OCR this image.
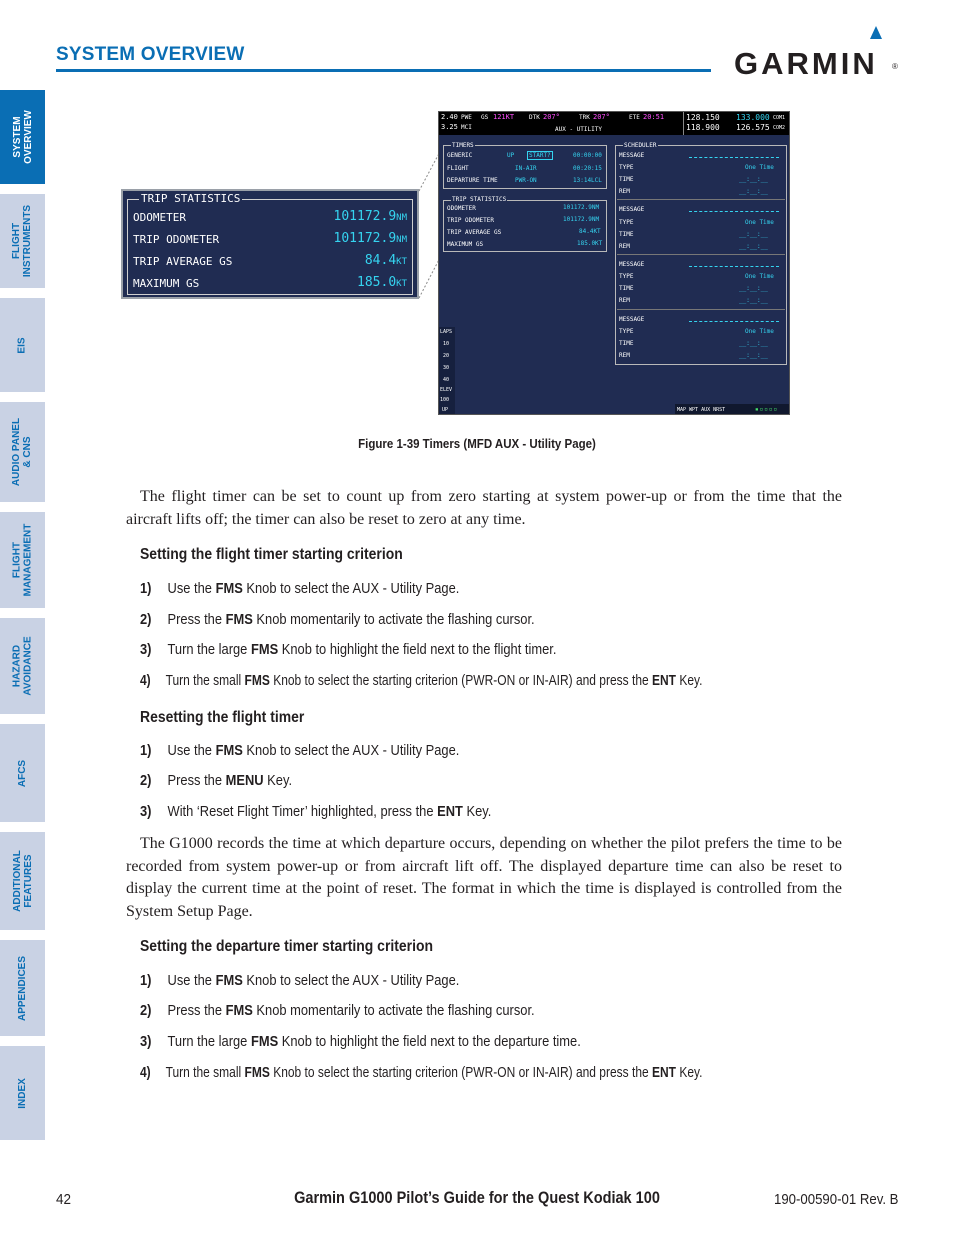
SYSTEM OVERVIEW	GARMIN ®
SYSTEM
OVERVIEW
FLIGHT
INSTRUMENTS
EIS
AUDIO PANEL
& CNS
FLIGHT
MANAGEMENT
HAZARD
AVOIDANCE
AFCS
ADDITIONAL
FEATURES
APPENDICES
INDEX
2.40 PWE
3.25 MCI
GS 121KT DTK 207°	TRK 207°	ETE 20:51
AUX - UTILITY
128.150 133.000 COM1
118.900 126.575 COM2
LAPS
10
20
30
40
ELEV
100
UP
TIMERS
GENERIC	UP	START?	00:00:00
FLIGHT	IN-AIR	00:20:15
DEPARTURE TIME	PWR-ON	13:14LCL
TRIP STATISTICS
ODOMETER	101172.9NM
TRIP ODOMETER	101172.9NM
TRIP AVERAGE GS	84.4KT
MAXIMUM GS	185.0KT
SCHEDULER
MESSAGE
TYPE	One Time
TIME	__:__:__
REM	__:__:__
MESSAGE
TYPE	One Time
TIME	__:__:__
REM	__:__:__
MESSAGE
TYPE	One Time
TIME	__:__:__
REM	__:__:__
MESSAGE
TYPE	One Time
TIME	__:__:__
REM	__:__:__
MAP WPT AUX NRST	▪▫▫▫▫
TRIP STATISTICS
ODOMETER	101172.9NM
TRIP ODOMETER	101172.9NM
TRIP AVERAGE GS	84.4KT
MAXIMUM GS	185.0KT
Figure 1-39 Timers (MFD AUX - Utility Page)
The flight timer can be set to count up from zero starting at system power-up or from the time that the aircraft lifts off; the timer can also be reset to zero at any time.
Setting the flight timer starting criterion
1) Use the FMS Knob to select the AUX - Utility Page.
2) Press the FMS Knob momentarily to activate the flashing cursor.
3) Turn the large FMS Knob to highlight the field next to the flight timer.
4) Turn the small FMS Knob to select the starting criterion (PWR-ON or IN-AIR) and press the ENT Key.
Resetting the flight timer
1) Use the FMS Knob to select the AUX - Utility Page.
2) Press the MENU Key.
3) With ‘Reset Flight Timer’ highlighted, press the ENT Key.
The G1000 records the time at which departure occurs, depending on whether the pilot prefers the time to be recorded from system power-up or from aircraft lift off. The displayed departure time can also be reset to display the current time at the point of reset. The format in which the time is displayed is controlled from the System Setup Page.
Setting the departure timer starting criterion
1) Use the FMS Knob to select the AUX - Utility Page.
2) Press the FMS Knob momentarily to activate the flashing cursor.
3) Turn the large FMS Knob to highlight the field next to the departure time.
4) Turn the small FMS Knob to select the starting criterion (PWR-ON or IN-AIR) and press the ENT Key.
42	Garmin G1000 Pilot’s Guide for the Quest Kodiak 100	190-00590-01 Rev. B
